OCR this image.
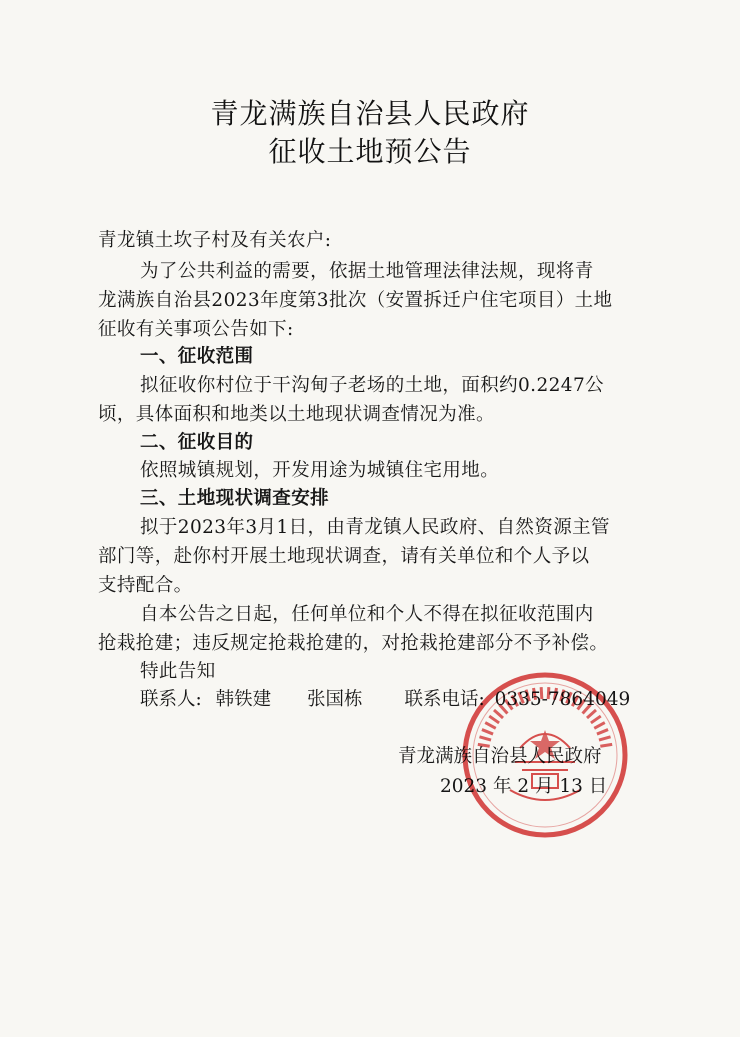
青龙满族自治县人民政府
征收土地预公告
青龙镇土坎子村及有关农户:
为了公共利益的需要，依据土地管理法律法规，现将青
龙满族自治县2023年度第3批次（安置拆迁户住宅项目）土地
征收有关事项公告如下:
一、征收范围
拟征收你村位于干沟甸子老场的土地，面积约0.2247公
顷，具体面积和地类以土地现状调查情况为准。
二、征收目的
依照城镇规划，开发用途为城镇住宅用地。
三、土地现状调查安排
拟于2023年3月1日，由青龙镇人民政府、自然资源主管
部门等，赴你村开展土地现状调查，请有关单位和个人予以
支持配合。
自本公告之日起，任何单位和个人不得在拟征收范围内
抢栽抢建；违反规定抢栽抢建的，对抢栽抢建部分不予补偿。
特此告知
联系人: 韩铁建 张国栋 联系电话: 0335-7864049
青龙满族自治县人民政府
2023 年 2 月 13 日
